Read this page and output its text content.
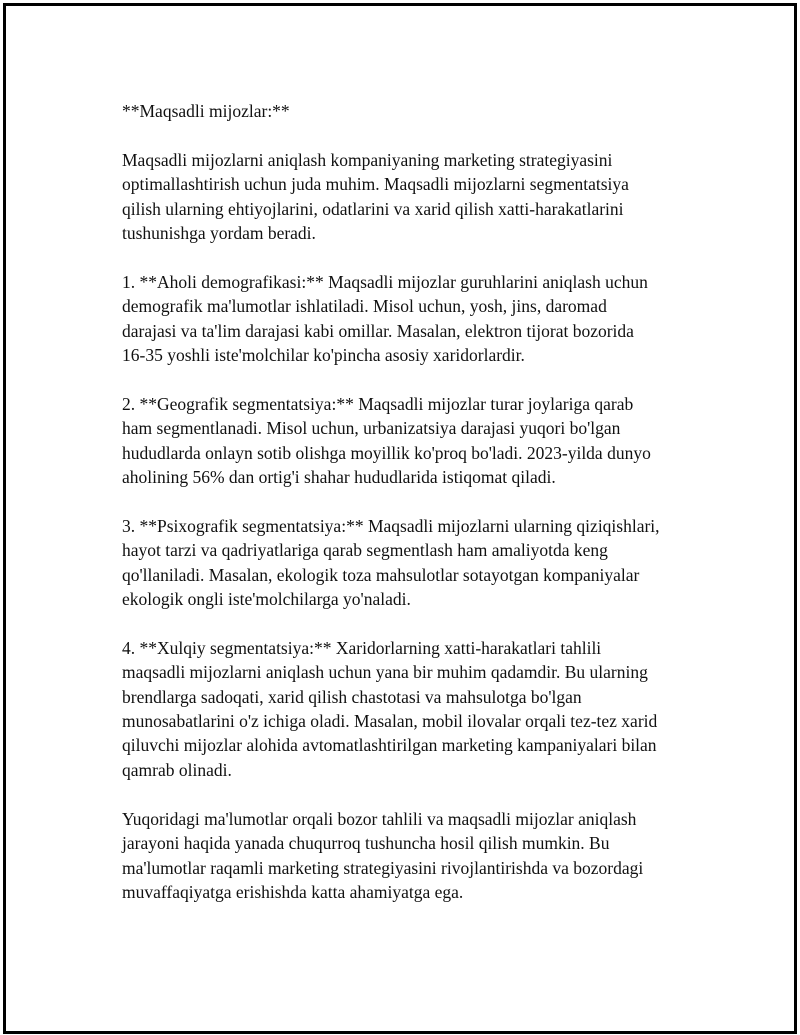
**Maqsadli mijozlar:**

Maqsadli mijozlarni aniqlash kompaniyaning marketing strategiyasini
optimallashtirish uchun juda muhim. Maqsadli mijozlarni segmentatsiya
qilish ularning ehtiyojlarini, odatlarini va xarid qilish xatti-harakatlarini
tushunishga yordam beradi.

1. **Aholi demografikasi:** Maqsadli mijozlar guruhlarini aniqlash uchun
demografik ma'lumotlar ishlatiladi. Misol uchun, yosh, jins, daromad
darajasi va ta'lim darajasi kabi omillar. Masalan, elektron tijorat bozorida
16-35 yoshli iste'molchilar ko'pincha asosiy xaridorlardir.

2. **Geografik segmentatsiya:** Maqsadli mijozlar turar joylariga qarab
ham segmentlanadi. Misol uchun, urbanizatsiya darajasi yuqori bo'lgan
hududlarda onlayn sotib olishga moyillik ko'proq bo'ladi. 2023-yilda dunyo
aholining 56% dan ortig'i shahar hududlarida istiqomat qiladi.

3. **Psixografik segmentatsiya:** Maqsadli mijozlarni ularning qiziqishlari,
hayot tarzi va qadriyatlariga qarab segmentlash ham amaliyotda keng
qo'llaniladi. Masalan, ekologik toza mahsulotlar sotayotgan kompaniyalar
ekologik ongli iste'molchilarga yo'naladi.

4. **Xulqiy segmentatsiya:** Xaridorlarning xatti-harakatlari tahlili
maqsadli mijozlarni aniqlash uchun yana bir muhim qadamdir. Bu ularning
brendlarga sadoqati, xarid qilish chastotasi va mahsulotga bo'lgan
munosabatlarini o'z ichiga oladi. Masalan, mobil ilovalar orqali tez-tez xarid
qiluvchi mijozlar alohida avtomatlashtirilgan marketing kampaniyalari bilan
qamrab olinadi.

Yuqoridagi ma'lumotlar orqali bozor tahlili va maqsadli mijozlar aniqlash
jarayoni haqida yanada chuqurroq tushuncha hosil qilish mumkin. Bu
ma'lumotlar raqamli marketing strategiyasini rivojlantirishda va bozordagi
muvaffaqiyatga erishishda katta ahamiyatga ega.
